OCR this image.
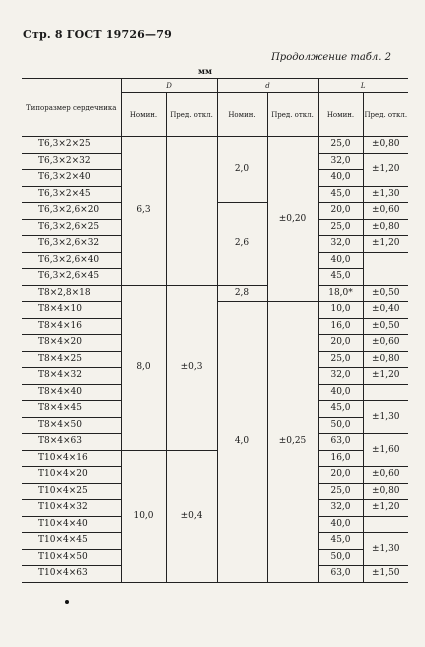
Стр. 8 ГОСТ 19726—79
Продолжение табл. 2
мм
Типоразмер сердечника	D		d		L	
	Номин.	Пред. откл.	Номин.	Пред. откл.	Номин.	Пред. откл.
Т6,3×2×25	6,3		2,0	±0,20	25,0	±0,80
Т6,3×2×32					32,0	±1,20
Т6,3×2×40					40,0	
Т6,3×2×45					45,0	±1,30
Т6,3×2,6×20			2,6		20,0	±0,60
Т6,3×2,6×25					25,0	±0,80
Т6,3×2,6×32					32,0	±1,20
Т6,3×2,6×40					40,0	
Т6,3×2,6×45					45,0	
Т8×2,8×18	8,0	±0,3	2,8		18,0*	±0,50
Т8×4×10			4,0	±0,25	10,0	±0,40
Т8×4×16					16,0	±0,50
Т8×4×20					20,0	±0,60
Т8×4×25					25,0	±0,80
Т8×4×32					32,0	±1,20
Т8×4×40					40,0	
Т8×4×45					45,0	±1,30
Т8×4×50					50,0	
Т8×4×63					63,0	±1,60
Т10×4×16	10,0	±0,4			16,0	
Т10×4×20					20,0	±0,60
Т10×4×25					25,0	±0,80
Т10×4×32					32,0	±1,20
Т10×4×40					40,0	
Т10×4×45					45,0	±1,30
Т10×4×50					50,0	
Т10×4×63					63,0	±1,50
